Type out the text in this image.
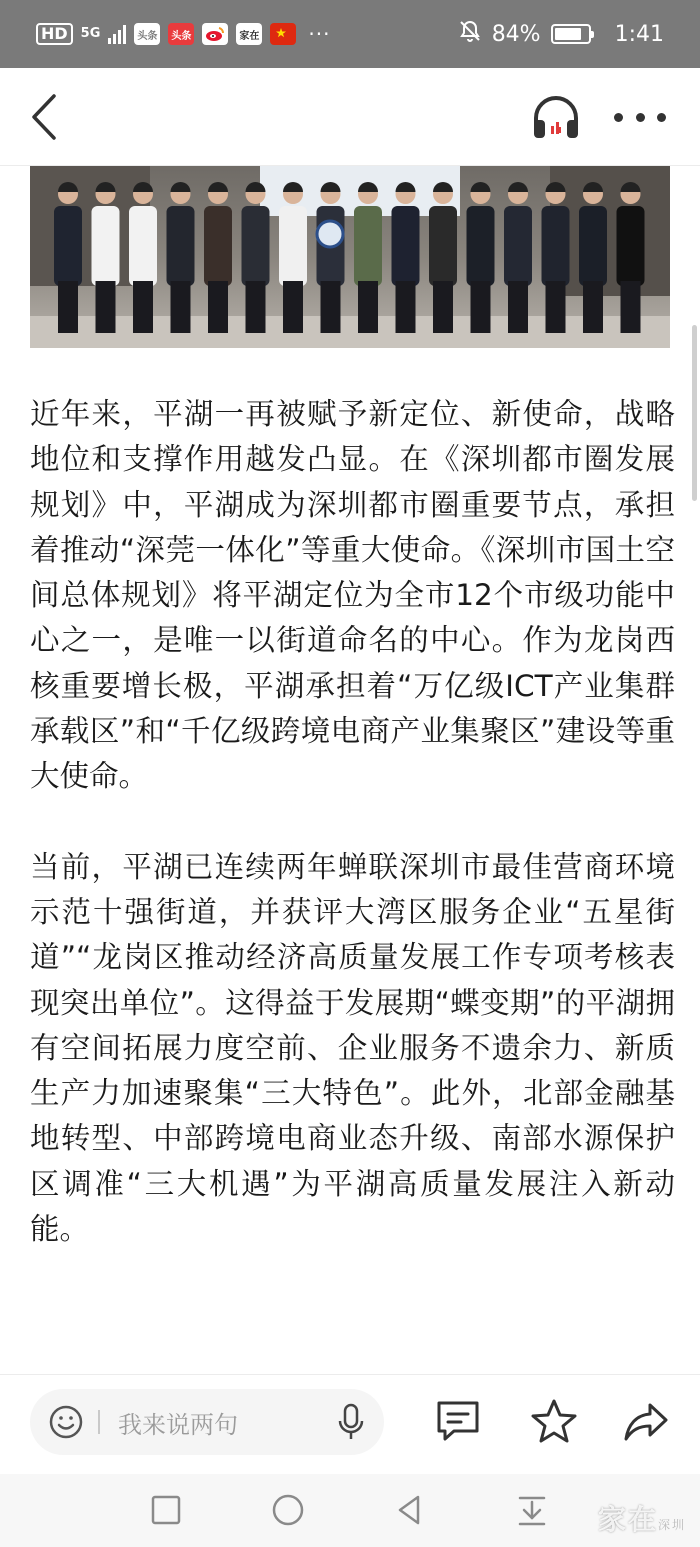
HD	5G	头条	头条	家在 ···	84%	1:41

近年来，平湖一再被赋予新定位、新使命，战略地位和支撑作用越发凸显。在《深圳都市圈发展规划》中，平湖成为深圳都市圈重要节点，承担着推动“深莞一体化”等重大使命。《深圳市国土空间总体规划》将平湖定位为全市12个市级功能中心之一，是唯一以街道命名的中心。作为龙岗西核重要增长极，平湖承担着“万亿级ICT产业集群承载区”和“千亿级跨境电商产业集聚区”建设等重大使命。

当前，平湖已连续两年蝉联深圳市最佳营商环境示范十强街道，并获评大湾区服务企业“五星街道”“龙岗区推动经济高质量发展工作专项考核表现突出单位”。这得益于发展期“蝶变期”的平湖拥有空间拓展力度空前、企业服务不遗余力、新质生产力加速聚集“三大特色”。此外，北部金融基地转型、中部跨境电商业态升级、南部水源保护区调准“三大机遇”为平湖高质量发展注入新动能。

我来说两句
家在深圳
